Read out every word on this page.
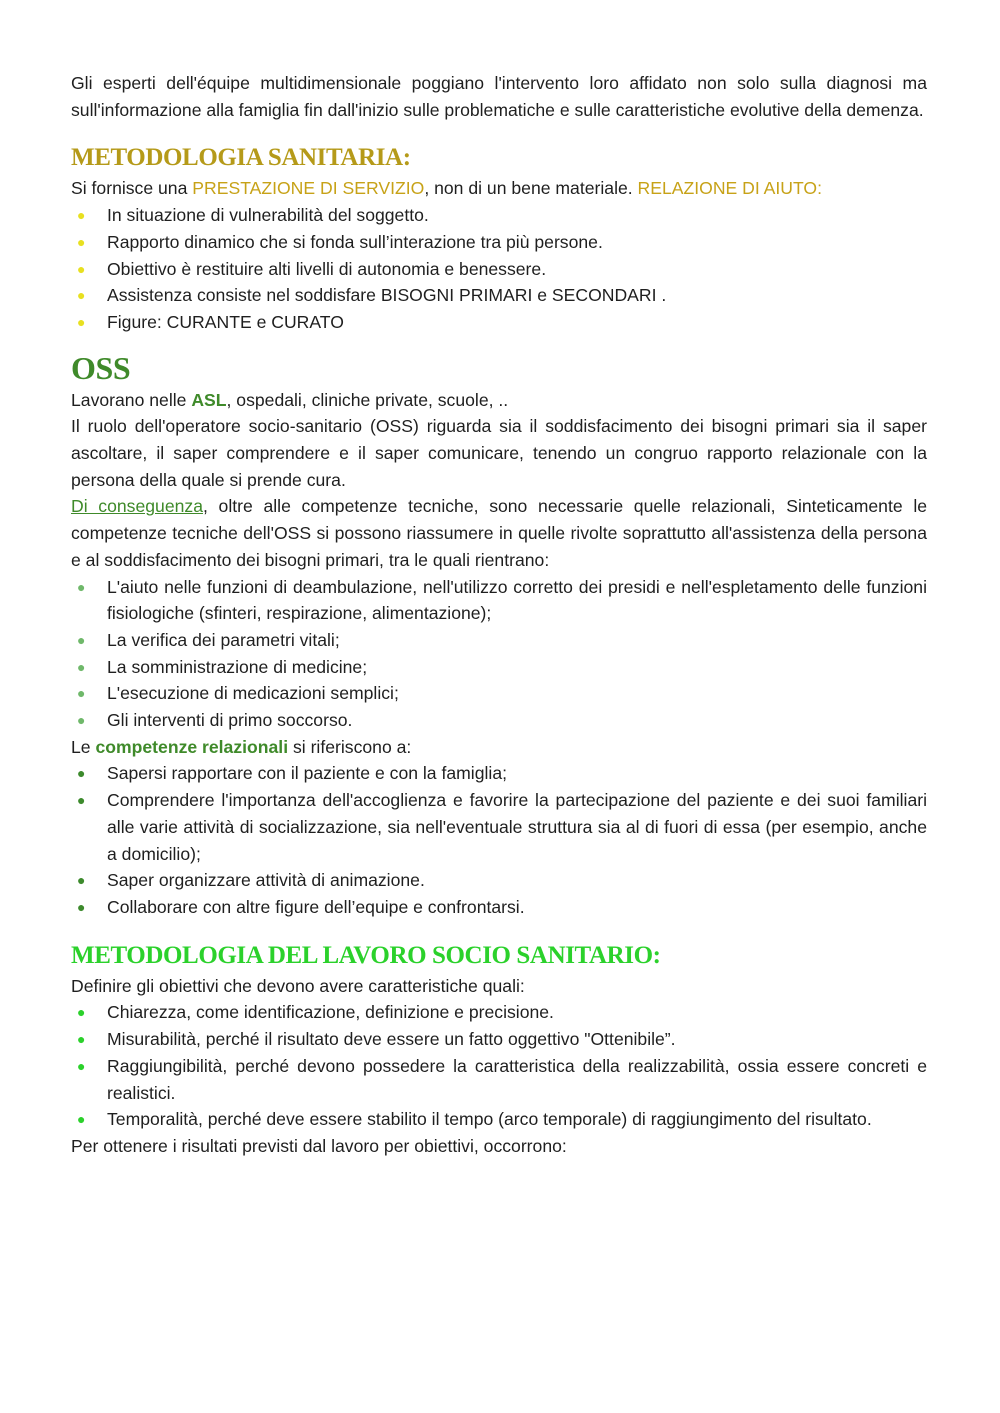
Gli esperti dell'équipe multidimensionale poggiano l'intervento loro affidato non solo sulla diagnosi ma sull'informazione alla famiglia fin dall'inizio sulle problematiche e sulle caratteristiche evolutive della demenza.

METODOLOGIA SANITARIA:

Si fornisce una PRESTAZIONE DI SERVIZIO, non di un bene materiale. RELAZIONE DI AIUTO:

● In situazione di vulnerabilità del soggetto.
● Rapporto dinamico che si fonda sull’interazione tra più persone.
● Obiettivo è restituire alti livelli di autonomia e benessere.
● Assistenza consiste nel soddisfare BISOGNI PRIMARI e SECONDARI .
● Figure: CURANTE e CURATO
OSS

Lavorano nelle ASL, ospedali, cliniche private, scuole, ..

Il ruolo dell'operatore socio-sanitario (OSS) riguarda sia il soddisfacimento dei bisogni primari sia il saper ascoltare, il saper comprendere e il saper comunicare, tenendo un congruo rapporto relazionale con la persona della quale si prende cura.

Di conseguenza, oltre alle competenze tecniche, sono necessarie quelle relazionali, Sinteticamente le competenze tecniche dell'OSS si possono riassumere in quelle rivolte soprattutto all'assistenza della persona e al soddisfacimento dei bisogni primari, tra le quali rientrano:

● L'aiuto nelle funzioni di deambulazione, nell'utilizzo corretto dei presidi e nell'espletamento delle funzioni fisiologiche (sfinteri, respirazione, alimentazione);
● La verifica dei parametri vitali;
● La somministrazione di medicine;
● L'esecuzione di medicazioni semplici;
● Gli interventi di primo soccorso.

Le competenze relazionali si riferiscono a:

● Sapersi rapportare con il paziente e con la famiglia;
● Comprendere l'importanza dell'accoglienza e favorire la partecipazione del paziente e dei suoi familiari alle varie attività di socializzazione, sia nell'eventuale struttura sia al di fuori di essa (per esempio, anche a domicilio);
● Saper organizzare attività di animazione.
● Collaborare con altre figure dell’equipe e confrontarsi.
METODOLOGIA DEL LAVORO SOCIO SANITARIO:

Definire gli obiettivi che devono avere caratteristiche quali:

● Chiarezza, come identificazione, definizione e precisione.
● Misurabilità, perché il risultato deve essere un fatto oggettivo "Ottenibile”.
● Raggiungibilità, perché devono possedere la caratteristica della realizzabilità, ossia essere concreti e realistici.
● Temporalità, perché deve essere stabilito il tempo (arco temporale) di raggiungimento del risultato.

Per ottenere i risultati previsti dal lavoro per obiettivi, occorrono:
